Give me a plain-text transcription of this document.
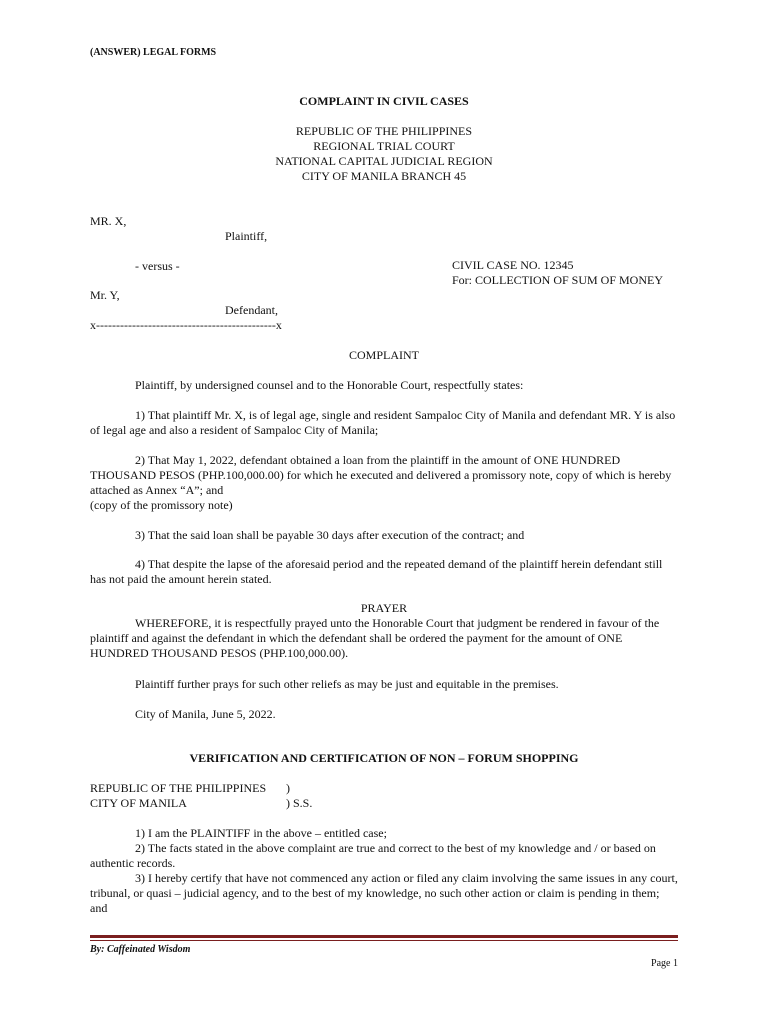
(ANSWER) LEGAL FORMS
COMPLAINT IN CIVIL CASES
REPUBLIC OF THE PHILIPPINES
REGIONAL TRIAL COURT
NATIONAL CAPITAL JUDICIAL REGION
CITY OF MANILA BRANCH 45
MR. X,
Plaintiff,
- versus -	CIVIL CASE NO. 12345
For: COLLECTION OF SUM OF MONEY
Mr. Y,
Defendant,
x---------------------------------------------x
COMPLAINT
Plaintiff, by undersigned counsel and to the Honorable Court, respectfully states:
1) That plaintiff Mr. X, is of legal age, single and resident Sampaloc City of Manila and defendant MR. Y is also of legal age and also a resident of Sampaloc City of Manila;
2) That May 1, 2022, defendant obtained a loan from the plaintiff in the amount of ONE HUNDRED THOUSAND PESOS (PHP.100,000.00) for which he executed and delivered a promissory note, copy of which is hereby attached as Annex “A”; and
(copy of the promissory note)
3) That the said loan shall be payable 30 days after execution of the contract; and
4) That despite the lapse of the aforesaid period and the repeated demand of the plaintiff herein defendant still has not paid the amount herein stated.
PRAYER
WHEREFORE, it is respectfully prayed unto the Honorable Court that judgment be rendered in favour of the plaintiff and against the defendant in which the defendant shall be ordered the payment for the amount of ONE HUNDRED THOUSAND PESOS (PHP.100,000.00).
Plaintiff further prays for such other reliefs as may be just and equitable in the premises.
City of Manila, June 5, 2022.
VERIFICATION AND CERTIFICATION OF NON – FORUM SHOPPING
REPUBLIC OF THE PHILIPPINES )
CITY OF MANILA	) S.S.
1) I am the PLAINTIFF in the above – entitled case;
2) The facts stated in the above complaint are true and correct to the best of my knowledge and / or based on authentic records.
3) I hereby certify that have not commenced any action or filed any claim involving the same issues in any court, tribunal, or quasi – judicial agency, and to the best of my knowledge, no such other action or claim is pending in them; and
By: Caffeinated Wisdom
Page 1
